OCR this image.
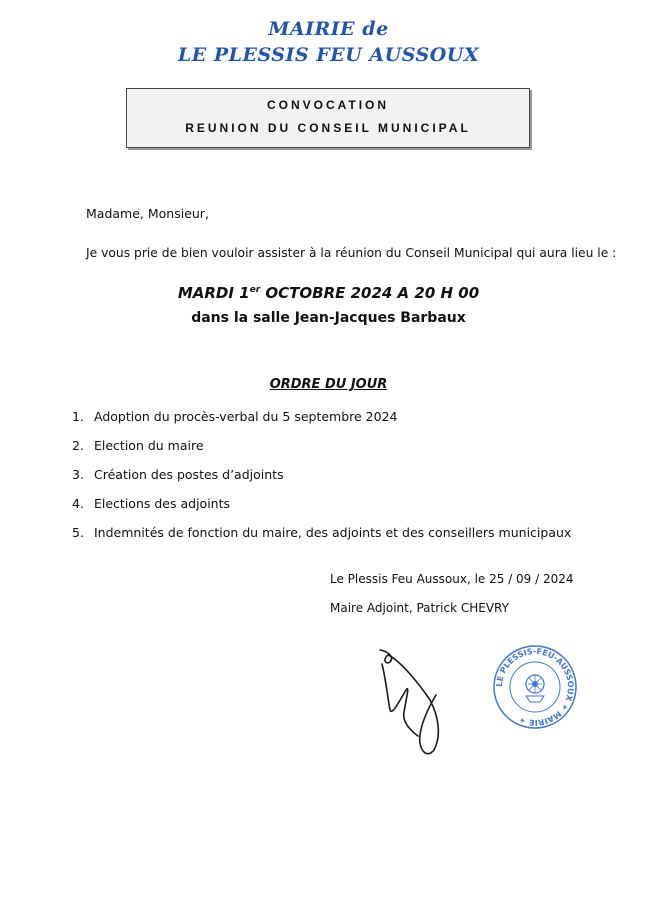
MAIRIE de
LE PLESSIS FEU AUSSOUX
CONVOCATION
REUNION DU CONSEIL MUNICIPAL
Madame, Monsieur,
Je vous prie de bien vouloir assister à la réunion du Conseil Municipal qui aura lieu le :
MARDI 1er OCTOBRE 2024 A 20 H 00
dans la salle Jean-Jacques Barbaux
ORDRE DU JOUR
1. Adoption du procès-verbal du 5 septembre 2024
2. Election du maire
3. Création des postes d’adjoints
4. Elections des adjoints
5. Indemnités de fonction du maire, des adjoints et des conseillers municipaux
Le Plessis Feu Aussoux, le 25 / 09 / 2024
Maire Adjoint, Patrick CHEVRY
LE PLESSIS-FEU-AUSSOUX ✶ MAIRIE ✶
